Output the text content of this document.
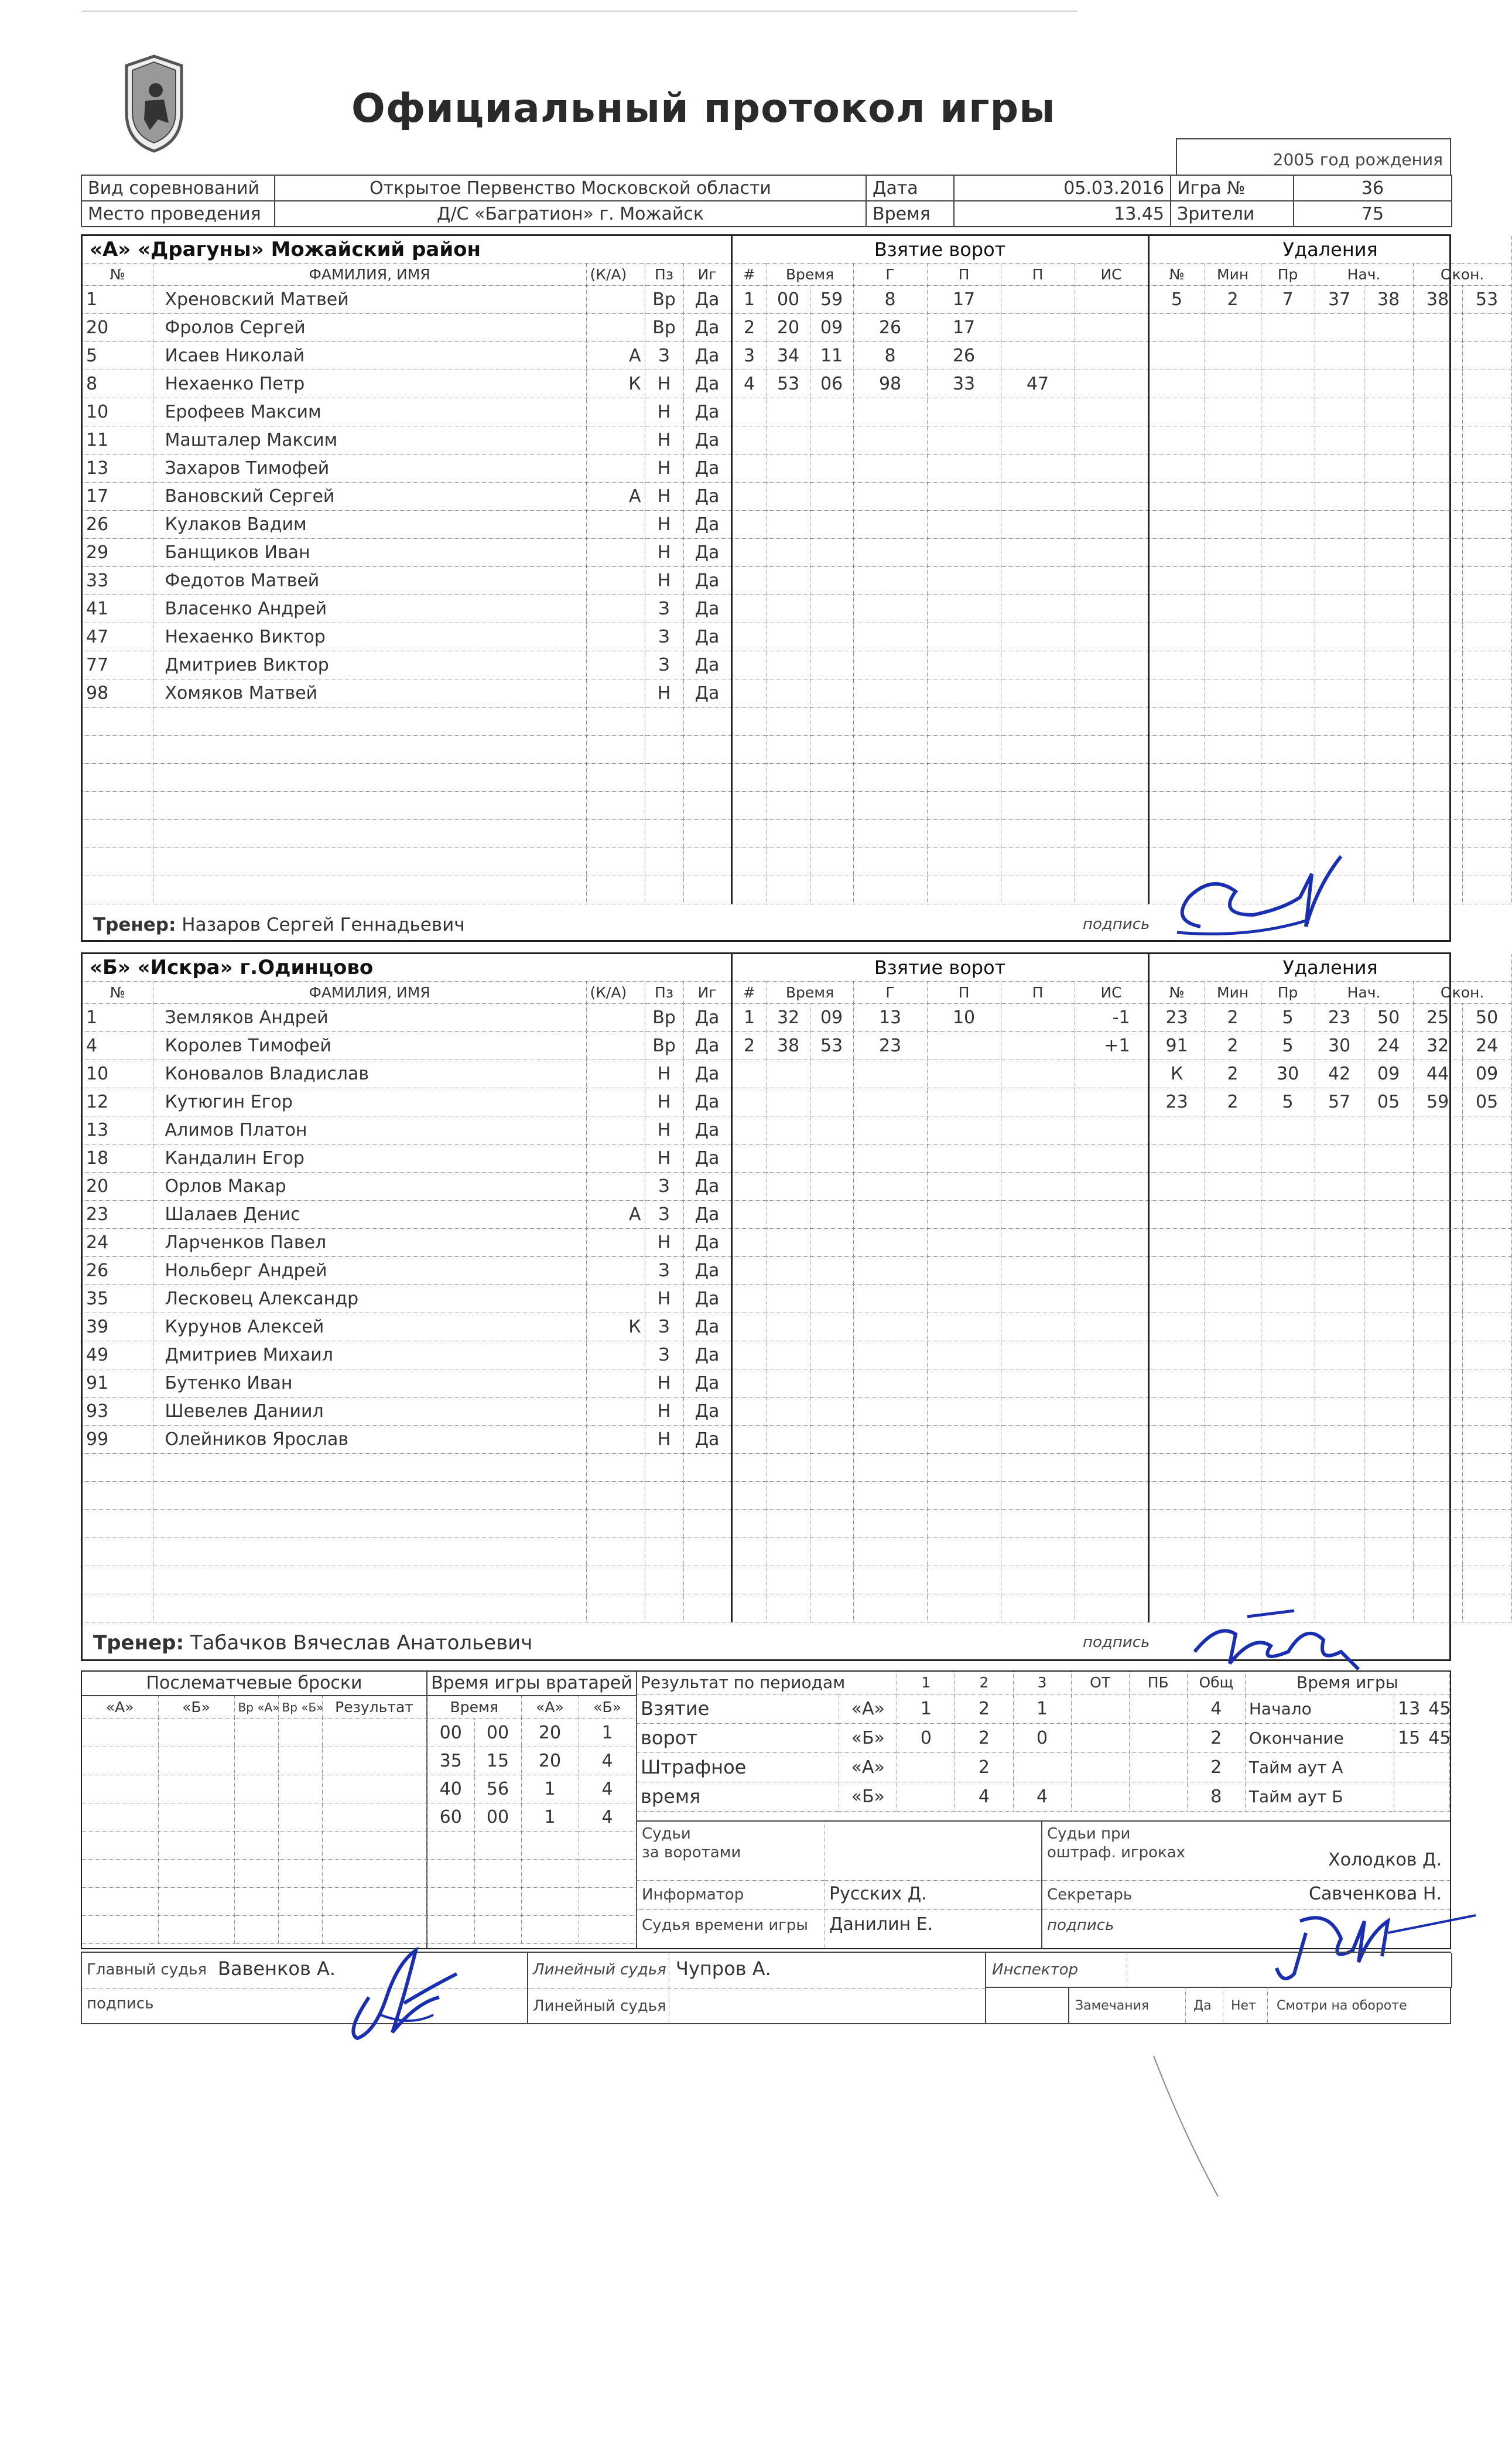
Официальный протокол игры
2005 год рождения
Вид соревнований	Открытое Первенство Московской области	Дата	05.03.2016	Игра №	36
Место проведения	Д/С «Багратион» г. Можайск	Время	13.45	Зрители	75
«А» «Драгуны» Можайский район					Взятие ворот							Удаления						
№	ФАМИЛИЯ, ИМЯ	(К/А)	Пз	Иг	#	Время		Г	П	П	ИС	№	Мин	Пр	Нач.		Окон.	
1	Хреновский Матвей		Вр	Да	1	00	59	8	17			5	2	7	37	38	38	53
20	Фролов Сергей		Вр	Да	2	20	09	26	17									
5	Исаев Николай	А	З	Да	3	34	11	8	26									
8	Нехаенко Петр	К	Н	Да	4	53	06	98	33	47								
10	Ерофеев Максим		Н	Да														
11	Машталер Максим		Н	Да														
13	Захаров Тимофей		Н	Да														
17	Вановский Сергей	А	Н	Да														
26	Кулаков Вадим		Н	Да														
29	Банщиков Иван		Н	Да														
33	Федотов Матвей		Н	Да														
41	Власенко Андрей		З	Да														
47	Нехаенко Виктор		З	Да														
77	Дмитриев Виктор		З	Да														
98	Хомяков Матвей		Н	Да														

Тренер: Назаров Сергей Геннадьевич	подпись
«Б» «Искра» г.Одинцово					Взятие ворот							Удаления						
№	ФАМИЛИЯ, ИМЯ	(К/А)	Пз	Иг	#	Время		Г	П	П	ИС	№	Мин	Пр	Нач.		Окон.	
1	Земляков Андрей		Вр	Да	1	32	09	13	10		-1	23	2	5	23	50	25	50
4	Королев Тимофей		Вр	Да	2	38	53	23			+1	91	2	5	30	24	32	24
10	Коновалов Владислав		Н	Да								К	2	30	42	09	44	09
12	Кутюгин Егор		Н	Да								23	2	5	57	05	59	05
13	Алимов Платон		Н	Да														
18	Кандалин Егор		Н	Да														
20	Орлов Макар		З	Да														
23	Шалаев Денис	А	З	Да														
24	Ларченков Павел		Н	Да														
26	Нольберг Андрей		З	Да														
35	Лесковец Александр		Н	Да														
39	Курунов Алексей	К	З	Да														
49	Дмитриев Михаил		З	Да														
91	Бутенко Иван		Н	Да														
93	Шевелев Даниил		Н	Да														
99	Олейников Ярослав		Н	Да														

Тренер: Табачков Вячеслав Анатольевич	подпись
Послематчевые броски
«А»	«Б»	Вр «А»	Вр «Б»	Результат

Время игры вратарей
Время		«А»	«Б»
00	00	20	1
35	15	20	4
40	56	1	4
60	00	1	4

Результат по периодам		1	2	3	ОТ	ПБ	Общ	Время игры	
Взятие	«А»	1	2	1			4	Начало	13 45
ворот	«Б»	0	2	0			2	Окончание	15 45
Штрафное	«А»		2				2	Тайм аут А	
время	«Б»		4	4			8	Тайм аут Б	
Судьи
за воротами
Судьи при
оштраф. игроках	Холодков Д.
Информатор	Русских Д.
Судья времени игры Данилин Е.
Секретарь	Савченкова Н.
подпись
Главный судья Вавенков А.
подпись
Линейный судья Чупров А.
Линейный судья
Инспектор
Замечания	Да Нет Смотри на обороте
